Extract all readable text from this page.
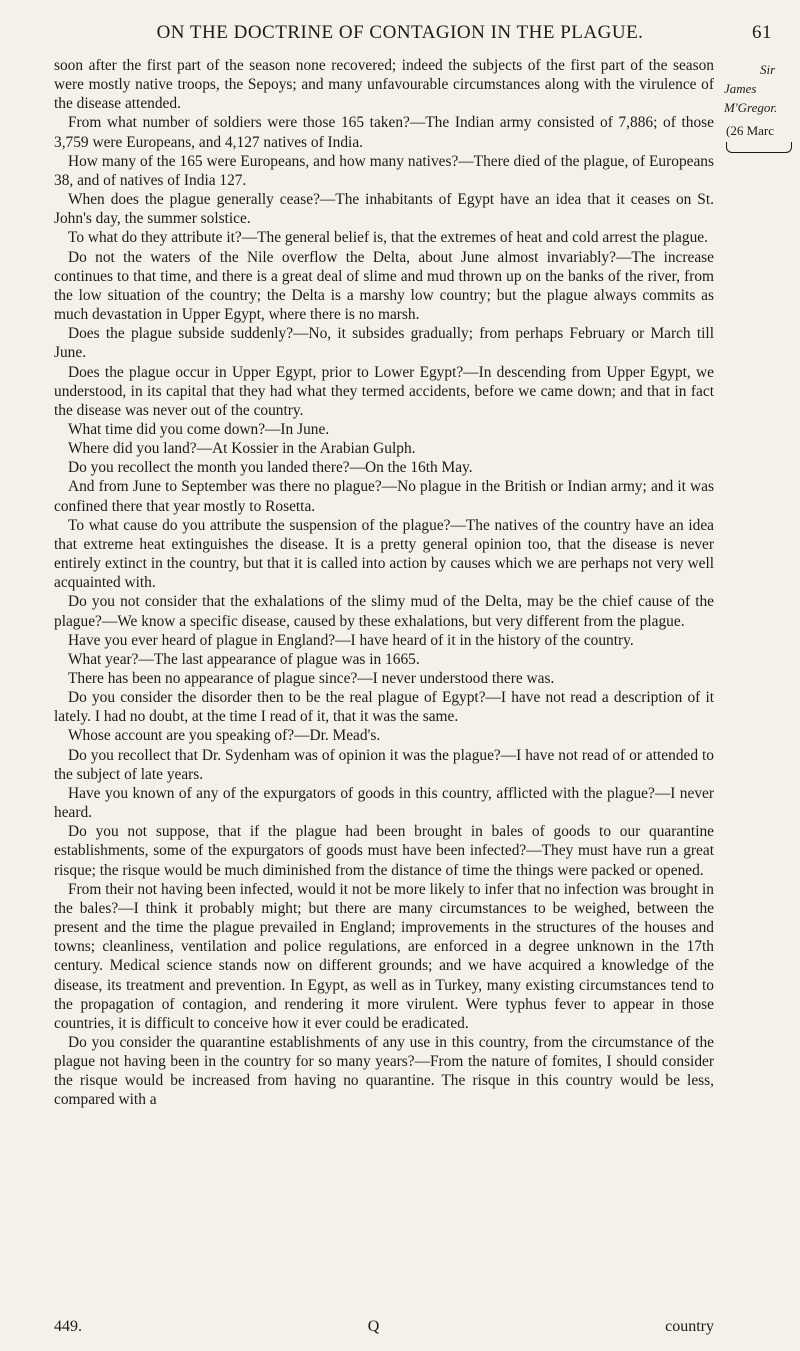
ON THE DOCTRINE OF CONTAGION IN THE PLAGUE.	61
Sir
James M'Gregor.
(26 Marc

soon after the first part of the season none recovered; indeed the subjects of the first part of the season were mostly native troops, the Sepoys; and many unfavourable circumstances along with the virulence of the disease attended.

From what number of soldiers were those 165 taken?—The Indian army consisted of 7,886; of those 3,759 were Europeans, and 4,127 natives of India.

How many of the 165 were Europeans, and how many natives?—There died of the plague, of Europeans 38, and of natives of India 127.

When does the plague generally cease?—The inhabitants of Egypt have an idea that it ceases on St. John's day, the summer solstice.

To what do they attribute it?—The general belief is, that the extremes of heat and cold arrest the plague.

Do not the waters of the Nile overflow the Delta, about June almost invariably?—The increase continues to that time, and there is a great deal of slime and mud thrown up on the banks of the river, from the low situation of the country; the Delta is a marshy low country; but the plague always commits as much devastation in Upper Egypt, where there is no marsh.

Does the plague subside suddenly?—No, it subsides gradually; from perhaps February or March till June.

Does the plague occur in Upper Egypt, prior to Lower Egypt?—In descending from Upper Egypt, we understood, in its capital that they had what they termed accidents, before we came down; and that in fact the disease was never out of the country.

What time did you come down?—In June.

Where did you land?—At Kossier in the Arabian Gulph.

Do you recollect the month you landed there?—On the 16th May.

And from June to September was there no plague?—No plague in the British or Indian army; and it was confined there that year mostly to Rosetta.

To what cause do you attribute the suspension of the plague?—The natives of the country have an idea that extreme heat extinguishes the disease. It is a pretty general opinion too, that the disease is never entirely extinct in the country, but that it is called into action by causes which we are perhaps not very well acquainted with.

Do you not consider that the exhalations of the slimy mud of the Delta, may be the chief cause of the plague?—We know a specific disease, caused by these exhalations, but very different from the plague.

Have you ever heard of plague in England?—I have heard of it in the history of the country.

What year?—The last appearance of plague was in 1665.

There has been no appearance of plague since?—I never understood there was.

Do you consider the disorder then to be the real plague of Egypt?—I have not read a description of it lately. I had no doubt, at the time I read of it, that it was the same.

Whose account are you speaking of?—Dr. Mead's.

Do you recollect that Dr. Sydenham was of opinion it was the plague?—I have not read of or attended to the subject of late years.

Have you known of any of the expurgators of goods in this country, afflicted with the plague?—I never heard.

Do you not suppose, that if the plague had been brought in bales of goods to our quarantine establishments, some of the expurgators of goods must have been infected?—They must have run a great risque; the risque would be much diminished from the distance of time the things were packed or opened.

From their not having been infected, would it not be more likely to infer that no infection was brought in the bales?—I think it probably might; but there are many circumstances to be weighed, between the present and the time the plague prevailed in England; improvements in the structures of the houses and towns; cleanliness, ventilation and police regulations, are enforced in a degree unknown in the 17th century. Medical science stands now on different grounds; and we have acquired a knowledge of the disease, its treatment and prevention. In Egypt, as well as in Turkey, many existing circumstances tend to the propagation of contagion, and rendering it more virulent. Were typhus fever to appear in those countries, it is difficult to conceive how it ever could be eradicated.

Do you consider the quarantine establishments of any use in this country, from the circumstance of the plague not having been in the country for so many years?—From the nature of fomites, I should consider the risque would be increased from having no quarantine. The risque in this country would be less, compared with a

449.	Q	country
